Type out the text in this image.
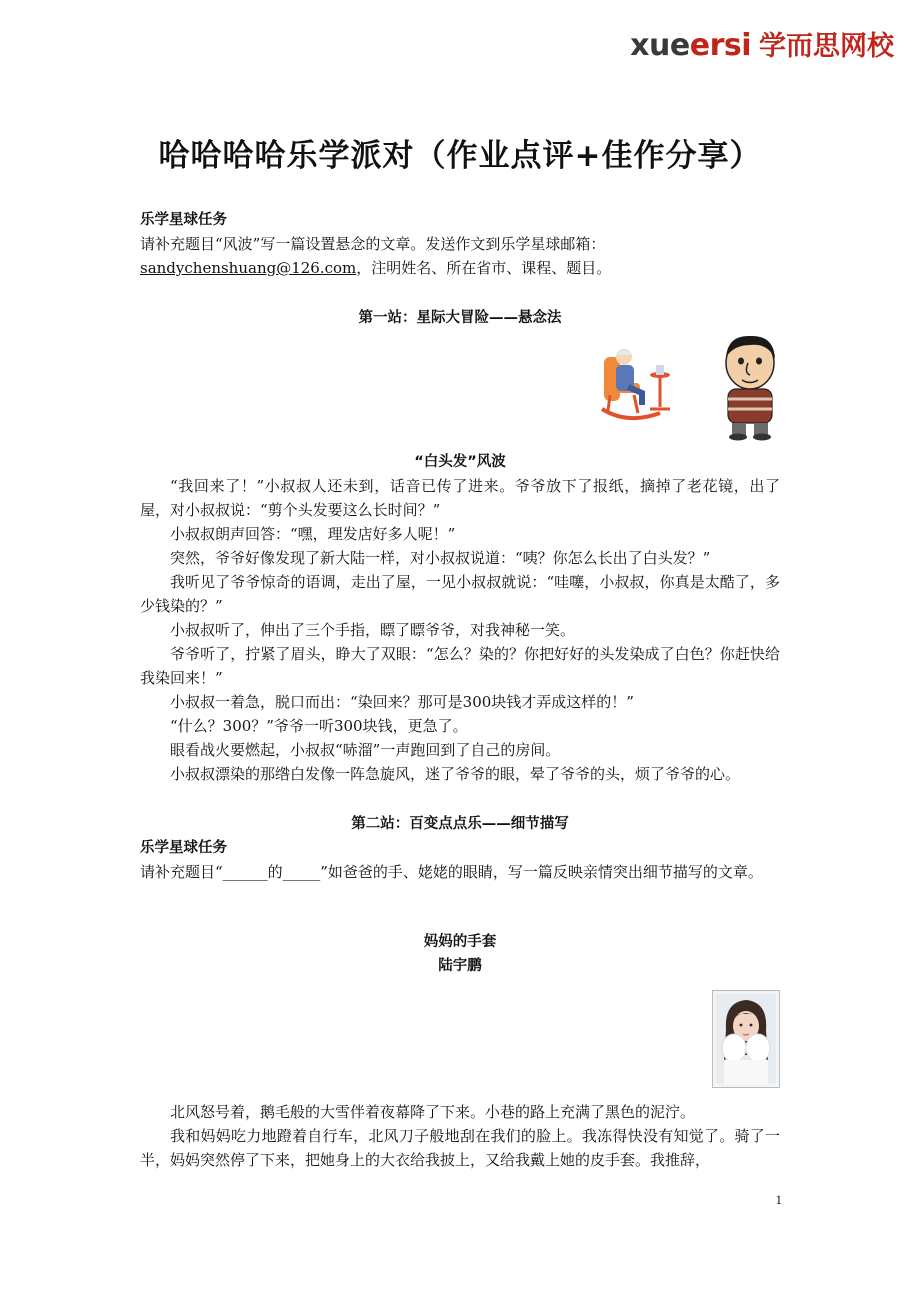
xueersi 学而思网校
哈哈哈哈乐学派对（作业点评+佳作分享）
乐学星球任务
请补充题目“风波”写一篇设置悬念的文章。发送作文到乐学星球邮箱：
sandychenshuang@126.com，注明姓名、所在省市、课程、题目。
第一站：星际大冒险——悬念法
“白头发”风波
“我回来了！”小叔叔人还未到，话音已传了进来。爷爷放下了报纸，摘掉了老花镜，出了屋，对小叔叔说：“剪个头发要这么长时间？”
小叔叔朗声回答：“嘿，理发店好多人呢！”
突然，爷爷好像发现了新大陆一样，对小叔叔说道：“咦？你怎么长出了白头发？”
我听见了爷爷惊奇的语调，走出了屋，一见小叔叔就说：“哇噻，小叔叔，你真是太酷了，多少钱染的？”
小叔叔听了，伸出了三个手指，瞟了瞟爷爷，对我神秘一笑。
爷爷听了，拧紧了眉头，睁大了双眼：“怎么？染的？你把好好的头发染成了白色？你赶快给我染回来！”
小叔叔一着急，脱口而出：“染回来？那可是300块钱才弄成这样的！”
“什么？300？”爷爷一听300块钱，更急了。
眼看战火要燃起，小叔叔“哧溜”一声跑回到了自己的房间。
小叔叔漂染的那绺白发像一阵急旋风，迷了爷爷的眼，晕了爷爷的头，烦了爷爷的心。
第二站：百变点点乐——细节描写
乐学星球任务
请补充题目“______的_____”如爸爸的手、姥姥的眼睛，写一篇反映亲情突出细节描写的文章。
妈妈的手套
陆宇鹏
北风怒号着，鹅毛般的大雪伴着夜幕降了下来。小巷的路上充满了黑色的泥泞。
我和妈妈吃力地蹬着自行车，北风刀子般地刮在我们的脸上。我冻得快没有知觉了。骑了一半，妈妈突然停了下来，把她身上的大衣给我披上，又给我戴上她的皮手套。我推辞，
1
